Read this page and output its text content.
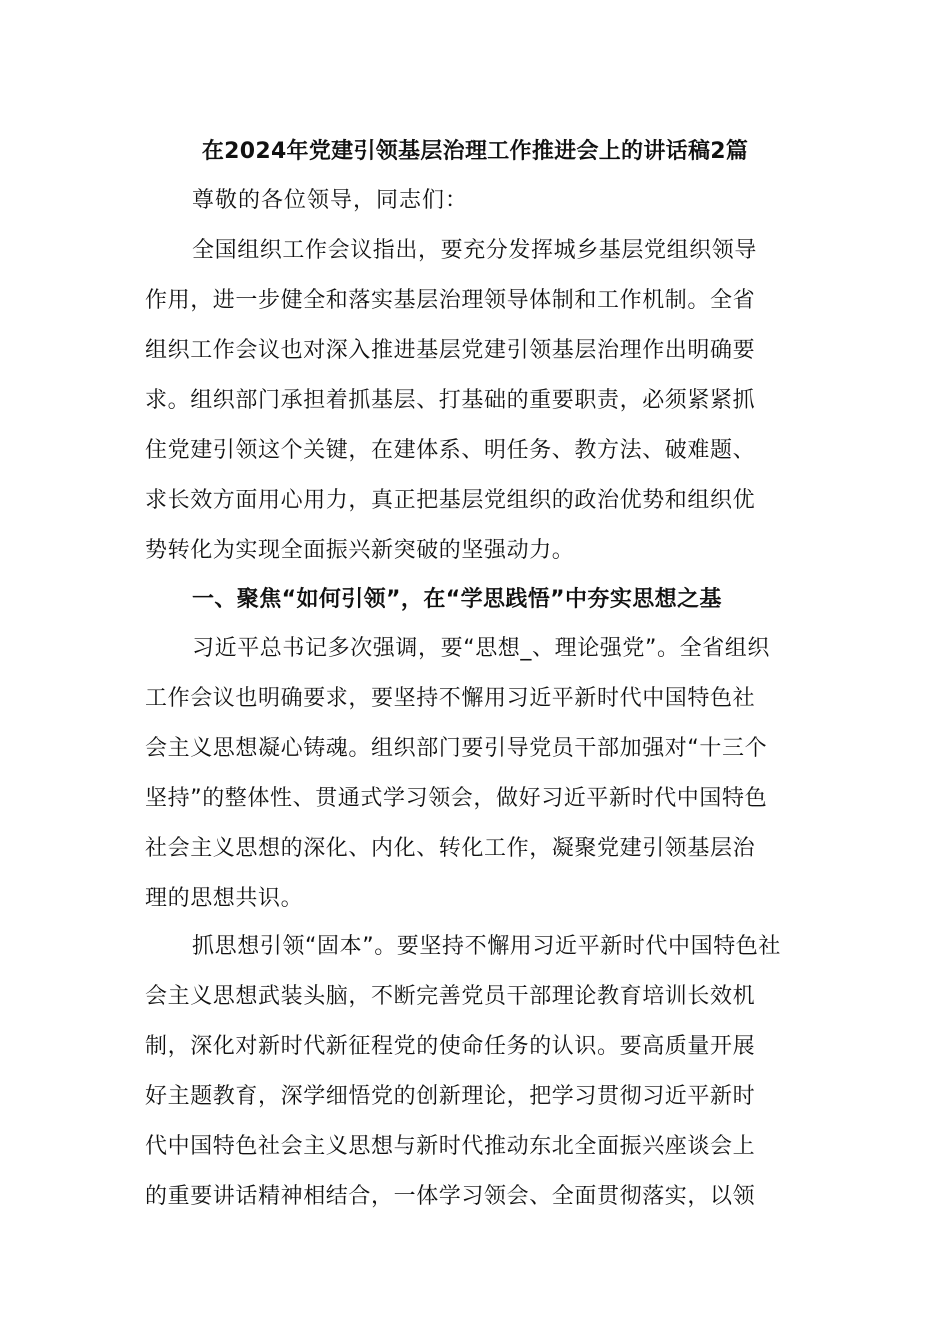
在2024年党建引领基层治理工作推进会上的讲话稿2篇
尊敬的各位领导，同志们：
全国组织工作会议指出，要充分发挥城乡基层党组织领导
作用，进一步健全和落实基层治理领导体制和工作机制。全省
组织工作会议也对深入推进基层党建引领基层治理作出明确要
求。组织部门承担着抓基层、打基础的重要职责，必须紧紧抓
住党建引领这个关键，在建体系、明任务、教方法、破难题、
求长效方面用心用力，真正把基层党组织的政治优势和组织优
势转化为实现全面振兴新突破的坚强动力。
一、聚焦“如何引领”，在“学思践悟”中夯实思想之基
习近平总书记多次强调，要“思想_、理论强党”。全省组织
工作会议也明确要求，要坚持不懈用习近平新时代中国特色社
会主义思想凝心铸魂。组织部门要引导党员干部加强对“十三个
坚持”的整体性、贯通式学习领会，做好习近平新时代中国特色
社会主义思想的深化、内化、转化工作，凝聚党建引领基层治
理的思想共识。
抓思想引领“固本”。要坚持不懈用习近平新时代中国特色社
会主义思想武装头脑，不断完善党员干部理论教育培训长效机
制，深化对新时代新征程党的使命任务的认识。要高质量开展
好主题教育，深学细悟党的创新理论，把学习贯彻习近平新时
代中国特色社会主义思想与新时代推动东北全面振兴座谈会上
的重要讲话精神相结合，一体学习领会、全面贯彻落实，以领
